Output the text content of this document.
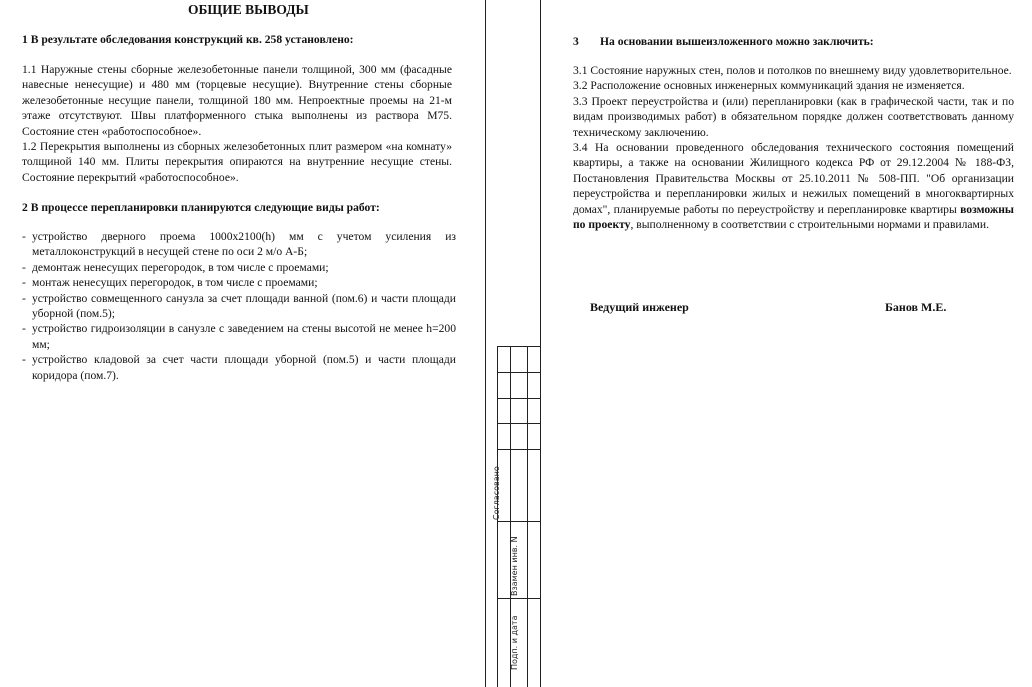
ОБЩИЕ ВЫВОДЫ
1 В результате обследования конструкций кв. 258 установлено:

1.1 Наружные стены сборные железобетонные панели толщиной, 300 мм (фасадные навесные ненесущие) и 480 мм (торцевые несущие). Внутренние стены сборные железобетонные несущие панели, толщиной 180 мм. Непроектные проемы на 21-м этаже отсутствуют. Швы платформенного стыка выполнены из раствора М75. Состояние стен «работоспособное».

1.2 Перекрытия выполнены из сборных железобетонных плит размером «на комнату» толщиной 140 мм. Плиты перекрытия опираются на внутренние несущие стены. Состояние перекрытий «работоспособное».

2 В процессе перепланировки планируются следующие виды работ:
- устройство дверного проема 1000х2100(h) мм с учетом усиления из металлоконструкций в несущей стене по оси 2 м/о А-Б;
- демонтаж ненесущих перегородок, в том числе с проемами;
- монтаж ненесущих перегородок, в том числе с проемами;
- устройство совмещенного санузла за счет площади ванной (пом.6) и части площади уборной (пом.5);
- устройство гидроизоляции в санузле с заведением на стены высотой не менее h=200 мм;
- устройство кладовой за счет части площади уборной (пом.5) и части площади коридора (пом.7).
Согласовано
Взамен инв. N
Подп. и дата
3 На основании вышеизложенного можно заключить:

3.1 Состояние наружных стен, полов и потолков по внешнему виду удовлетворительное.

3.2 Расположение основных инженерных коммуникаций здания не изменяется.

3.3 Проект переустройства и (или) перепланировки (как в графической части, так и по видам производимых работ) в обязательном порядке должен соответствовать данному техническому заключению.

3.4 На основании проведенного обследования технического состояния помещений квартиры, а также на основании Жилищного кодекса РФ от 29.12.2004 № 188-ФЗ, Постановления Правительства Москвы от 25.10.2011 № 508-ПП. "Об организации переустройства и перепланировки жилых и нежилых помещений в многоквартирных домах", планируемые работы по переустройству и перепланировке квартиры возможны по проекту, выполненному в соответствии с строительными нормами и правилами.

Ведущий инженер	Банов М.Е.
